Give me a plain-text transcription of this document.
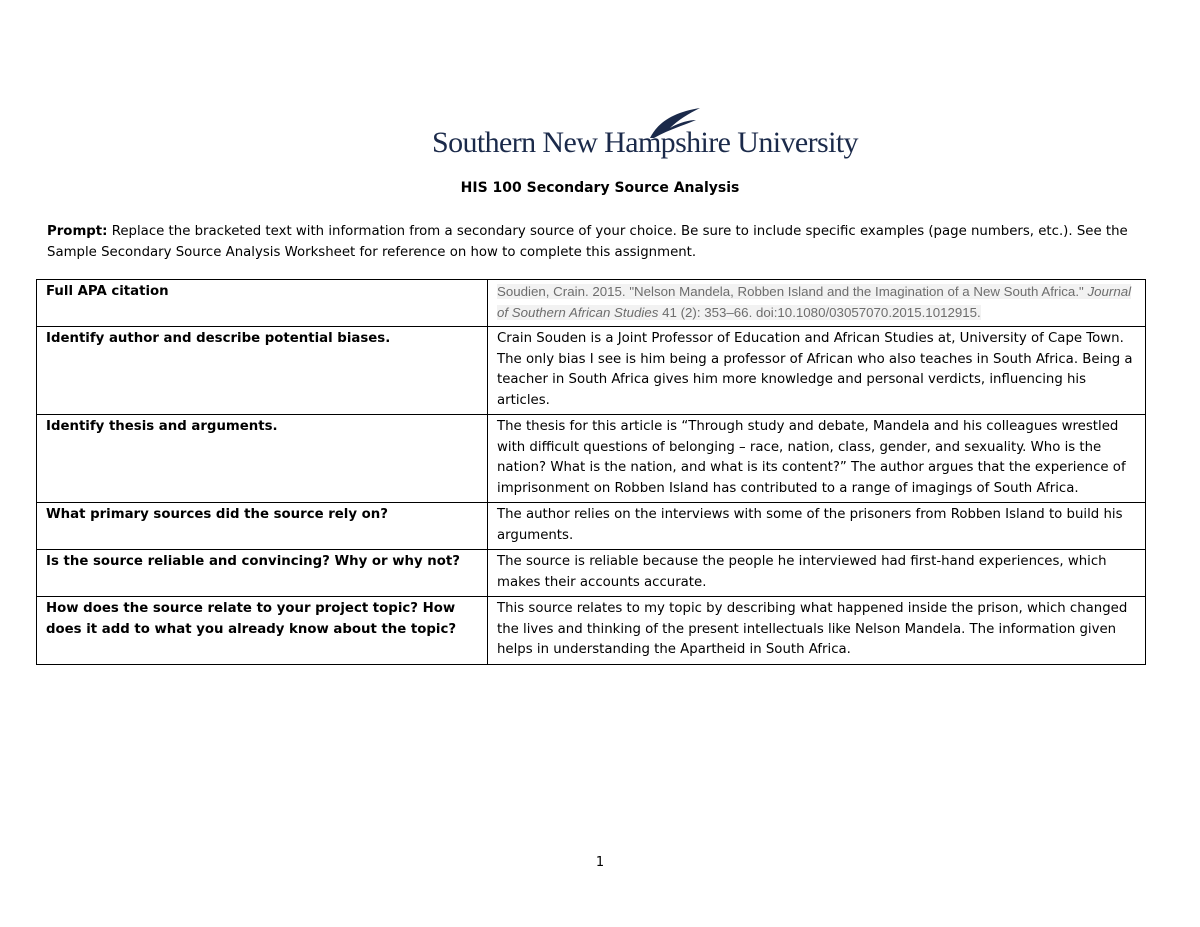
Southern New Hampshire University
HIS 100 Secondary Source Analysis
Prompt: Replace the bracketed text with information from a secondary source of your choice. Be sure to include specific examples (page numbers, etc.). See the Sample Secondary Source Analysis Worksheet for reference on how to complete this assignment.
Full APA citation	Soudien, Crain. 2015. "Nelson Mandela, Robben Island and the Imagination of a New South Africa." Journal of Southern African Studies 41 (2): 353–66. doi:10.1080/03057070.2015.1012915.
Identify author and describe potential biases.	Crain Souden is a Joint Professor of Education and African Studies at, University of Cape Town. The only bias I see is him being a professor of African who also teaches in South Africa. Being a teacher in South Africa gives him more knowledge and personal verdicts, influencing his articles.
Identify thesis and arguments.	The thesis for this article is “Through study and debate, Mandela and his colleagues wrestled with difficult questions of belonging – race, nation, class, gender, and sexuality. Who is the nation? What is the nation, and what is its content?” The author argues that the experience of imprisonment on Robben Island has contributed to a range of imagings of South Africa.
What primary sources did the source rely on?	The author relies on the interviews with some of the prisoners from Robben Island to build his arguments.
Is the source reliable and convincing? Why or why not?	The source is reliable because the people he interviewed had first-hand experiences, which makes their accounts accurate.
How does the source relate to your project topic? How does it add to what you already know about the topic?	This source relates to my topic by describing what happened inside the prison, which changed the lives and thinking of the present intellectuals like Nelson Mandela. The information given helps in understanding the Apartheid in South Africa.
1
